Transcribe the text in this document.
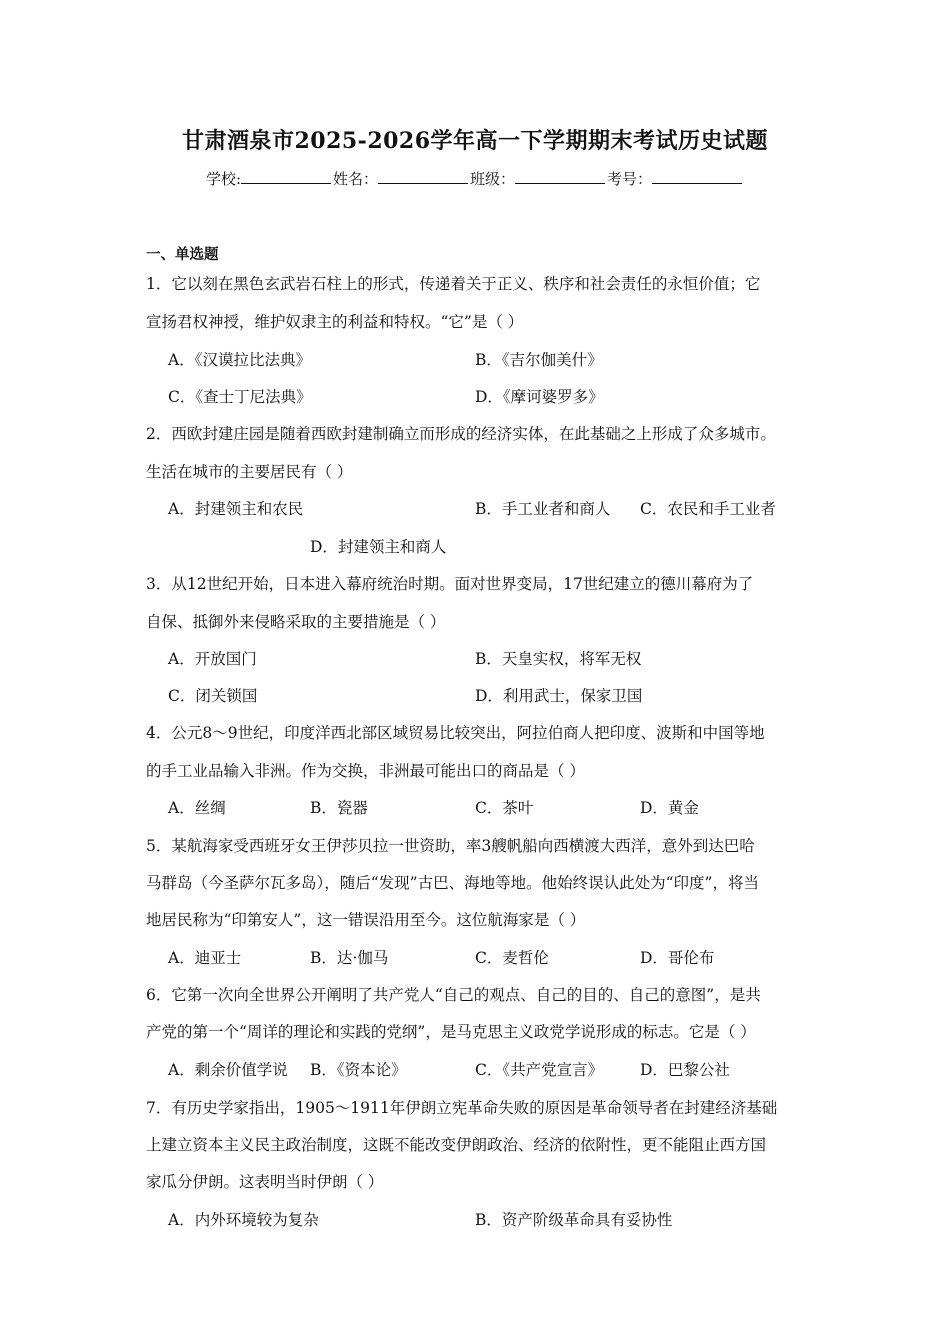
甘肃酒泉市2025-2026学年高一下学期期末考试历史试题
学校:	姓名：	班级：	考号：
一、单选题
1．它以刻在黑色玄武岩石柱上的形式，传递着关于正义、秩序和社会责任的永恒价值；它
宣扬君权神授，维护奴隶主的利益和特权。“它”是（ ）
A．《汉谟拉比法典》	B．《吉尔伽美什》
C．《查士丁尼法典》	D．《摩诃婆罗多》
2．西欧封建庄园是随着西欧封建制确立而形成的经济实体，在此基础之上形成了众多城市。
生活在城市的主要居民有（ ）
A．封建领主和农民	B．手工业者和商人 C．农民和手工业者
D．封建领主和商人
3．从12世纪开始，日本进入幕府统治时期。面对世界变局，17世纪建立的德川幕府为了
自保、抵御外来侵略采取的主要措施是（ ）
A．开放国门	B．天皇实权，将军无权
C．闭关锁国	D．利用武士，保家卫国
4．公元8～9世纪，印度洋西北部区域贸易比较突出，阿拉伯商人把印度、波斯和中国等地
的手工业品输入非洲。作为交换，非洲最可能出口的商品是（ ）
A．丝绸	B．瓷器	C．茶叶	D．黄金
5．某航海家受西班牙女王伊莎贝拉一世资助，率3艘帆船向西横渡大西洋，意外到达巴哈
马群岛（今圣萨尔瓦多岛），随后“发现”古巴、海地等地。他始终误认此处为“印度”，将当
地居民称为“印第安人”，这一错误沿用至今。这位航海家是（ ）
A．迪亚士	B．达·伽马	C．麦哲伦	D．哥伦布
6．它第一次向全世界公开阐明了共产党人“自己的观点、自己的目的、自己的意图”，是共
产党的第一个“周详的理论和实践的党纲”，是马克思主义政党学说形成的标志。它是（ ）
A．剩余价值学说 B．《资本论》	C．《共产党宣言》 D．巴黎公社
7．有历史学家指出，1905～1911年伊朗立宪革命失败的原因是革命领导者在封建经济基础
上建立资本主义民主政治制度，这既不能改变伊朗政治、经济的依附性，更不能阻止西方国
家瓜分伊朗。这表明当时伊朗（ ）
A．内外环境较为复杂	B．资产阶级革命具有妥协性
